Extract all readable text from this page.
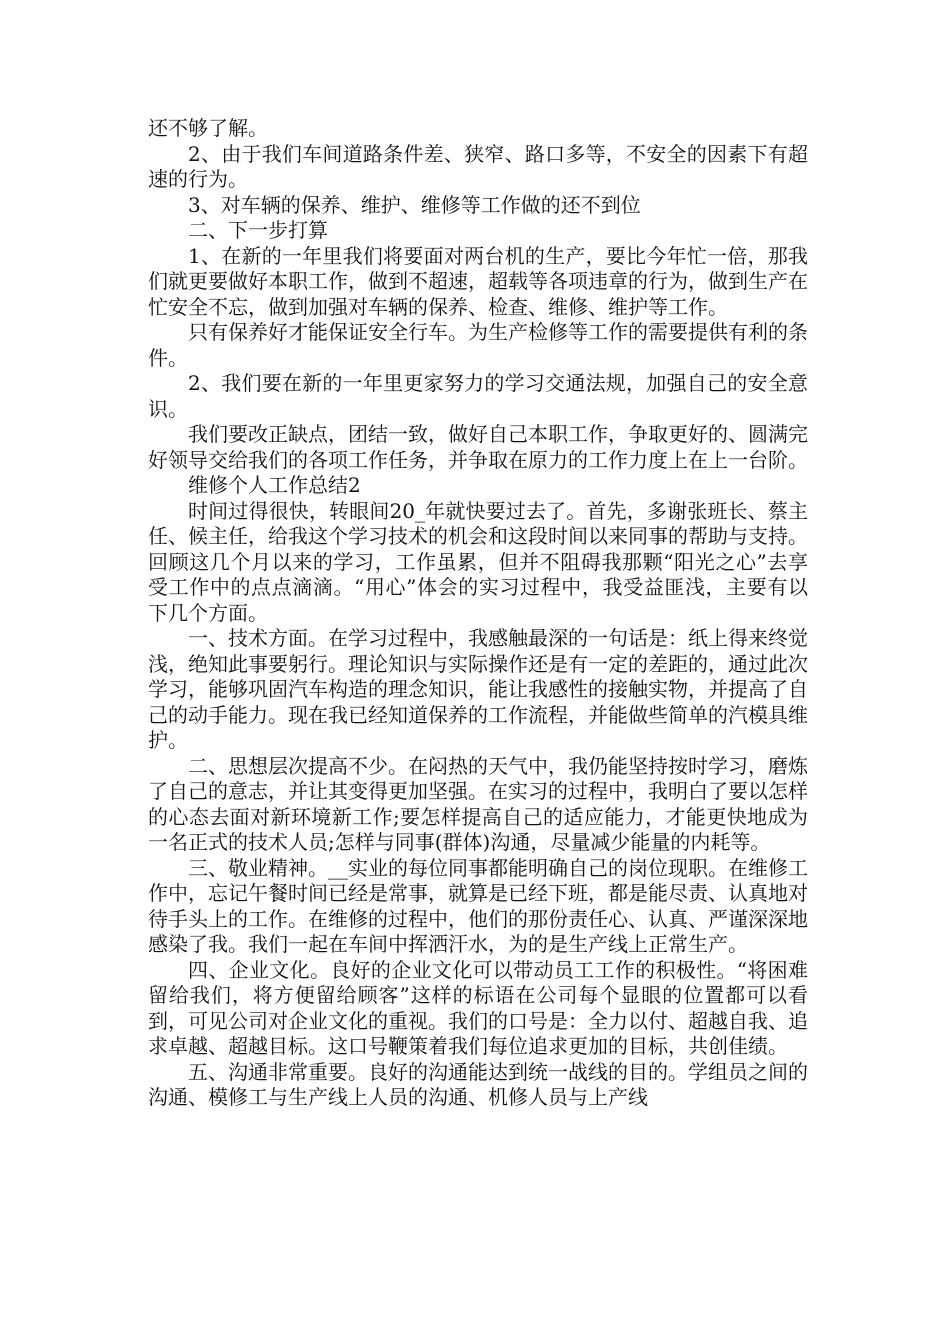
还不够了解。

2、由于我们车间道路条件差、狭窄、路口多等，不安全的因素下有超速的行为。

3、对车辆的保养、维护、维修等工作做的还不到位

二、下一步打算

1、在新的一年里我们将要面对两台机的生产，要比今年忙一倍，那我们就更要做好本职工作，做到不超速，超载等各项违章的行为，做到生产在忙安全不忘，做到加强对车辆的保养、检查、维修、维护等工作。

只有保养好才能保证安全行车。为生产检修等工作的需要提供有利的条件。

2、我们要在新的一年里更家努力的学习交通法规，加强自己的安全意识。

我们要改正缺点，团结一致，做好自己本职工作，争取更好的、圆满完好领导交给我们的各项工作任务，并争取在原力的工作力度上在上一台阶。

维修个人工作总结2

时间过得很快，转眼间20_年就快要过去了。首先，多谢张班长、蔡主任、候主任，给我这个学习技术的机会和这段时间以来同事的帮助与支持。回顾这几个月以来的学习，工作虽累，但并不阻碍我那颗“阳光之心”去享受工作中的点点滴滴。“用心”体会的实习过程中，我受益匪浅，主要有以下几个方面。

一、技术方面。在学习过程中，我感触最深的一句话是：纸上得来终觉浅，绝知此事要躬行。理论知识与实际操作还是有一定的差距的，通过此次学习，能够巩固汽车构造的理念知识，能让我感性的接触实物，并提高了自己的动手能力。现在我已经知道保养的工作流程，并能做些简单的汽模具维护。

二、思想层次提高不少。在闷热的天气中，我仍能坚持按时学习，磨炼了自己的意志，并让其变得更加坚强。在实习的过程中，我明白了要以怎样的心态去面对新环境新工作;要怎样提高自己的适应能力，才能更快地成为一名正式的技术人员;怎样与同事(群体)沟通，尽量减少能量的内耗等。

三、敬业精神。__实业的每位同事都能明确自己的岗位现职。在维修工作中，忘记午餐时间已经是常事，就算是已经下班，都是能尽责、认真地对待手头上的工作。在维修的过程中，他们的那份责任心、认真、严谨深深地感染了我。我们一起在车间中挥洒汗水，为的是生产线上正常生产。

四、企业文化。良好的企业文化可以带动员工工作的积极性。“将困难留给我们，将方便留给顾客”这样的标语在公司每个显眼的位置都可以看到，可见公司对企业文化的重视。我们的口号是：全力以付、超越自我、追求卓越、超越目标。这口号鞭策着我们每位追求更加的目标，共创佳绩。

五、沟通非常重要。良好的沟通能达到统一战线的目的。学组员之间的沟通、模修工与生产线上人员的沟通、机修人员与上产线
